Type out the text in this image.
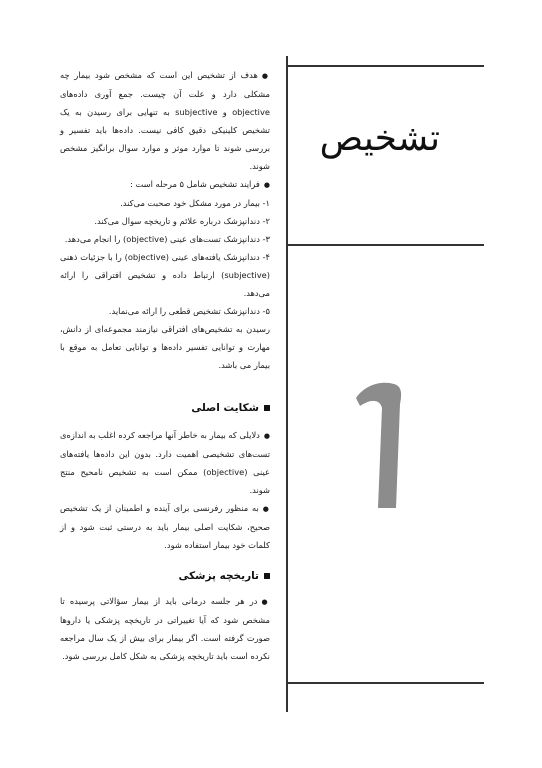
تشخیص

● هدف از تشخیص این است که مشخص شود بیمار چه مشکلی دارد و علت آن چیست. جمع آوری داده‌های objective و subjective به تنهایی برای رسیدن به یک تشخیص کلینیکی دقیق کافی نیست. داده‌ها باید تفسیر و بررسی شوند تا موارد موثر و موارد سوال برانگیز مشخص شوند.

● فرایند تشخیص شامل ۵ مرحله است :

۱- بیمار در مورد مشکل خود صحبت می‌کند.

۲- دندانپزشک درباره علائم و تاریخچه سوال می‌کند.

۳- دندانپزشک تست‌های عینی (objective) را انجام می‌دهد.

۴- دندانپزشک یافته‌های عینی (objective) را با جزئیات ذهنی (subjective) ارتباط داده و تشخیص افتراقی را ارائه می‌دهد.

۵- دندانپزشک تشخیص قطعی را ارائه می‌نماید.

رسیدن به تشخیص‌های افتراقی نیازمند مجموعه‌ای از دانش، مهارت و توانایی تفسیر داده‌ها و توانایی تعامل به موقع با بیمار می باشد.

شکایت اصلی

● دلایلی که بیمار به خاطر آنها مراجعه کرده اغلب به اندازه‌ی تست‌های تشخیصی اهمیت دارد. بدون این داده‌ها یافته‌های عینی (objective) ممکن است به تشخیص نامحیح منتج شوند.

● به منظور رفرنسی برای آینده و اطمینان از یک تشخیص صحیح، شکایت اصلی بیمار باید به درستی ثبت شود و از کلمات خود بیمار استفاده شود.

تاریخچه پزشکی

● در هر جلسه درمانی باید از بیمار سؤالاتی پرسیده تا مشخص شود که آیا تغییراتی در تاریخچه پزشکی یا داروها صورت گرفته است. اگر بیمار برای بیش از یک سال مراجعه نکرده است باید تاریخچه پزشکی به شکل کامل بررسی شود.
